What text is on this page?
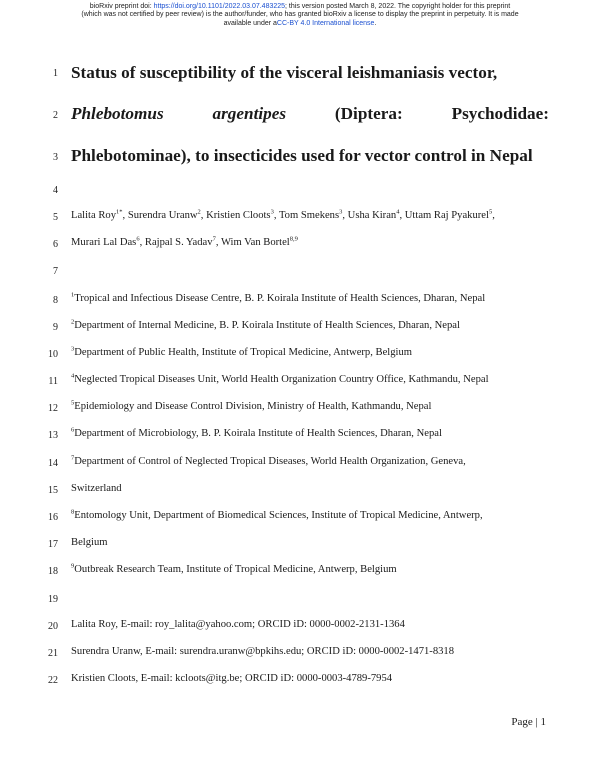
bioRxiv preprint doi: https://doi.org/10.1101/2022.03.07.483225; this version posted March 8, 2022. The copyright holder for this preprint
(which was not certified by peer review) is the author/funder, who has granted bioRxiv a license to display the preprint in perpetuity. It is made
available under aCC-BY 4.0 International license.
1
2
3
4
5
6
7
8
9
10
11
12
13
14
15
16
17
18
19
20
21
22
Status of susceptibility of the visceral leishmaniasis vector,
Phlebotomus	argentipes	(Diptera:	Psychodidae:
Phlebotominae), to insecticides used for vector control in Nepal
Lalita Roy$^{1*}$, Surendra Uranw$^2$, Kristien Cloots$^3$, Tom Smekens$^3$, Usha Kiran$^4$, Uttam Raj Pyakurel$^5$,
Murari Lal Das$^6$, Rajpal S. Yadav$^7$, Wim Van Bortel$^{8,9}$
$^1$Tropical and Infectious Disease Centre, B. P. Koirala Institute of Health Sciences, Dharan, Nepal
$^2$Department of Internal Medicine, B. P. Koirala Institute of Health Sciences, Dharan, Nepal
$^3$Department of Public Health, Institute of Tropical Medicine, Antwerp, Belgium
$^4$Neglected Tropical Diseases Unit, World Health Organization Country Office, Kathmandu, Nepal
$^5$Epidemiology and Disease Control Division, Ministry of Health, Kathmandu, Nepal
$^6$Department of Microbiology, B. P. Koirala Institute of Health Sciences, Dharan, Nepal
$^7$Department of Control of Neglected Tropical Diseases, World Health Organization, Geneva,
Switzerland
$^8$Entomology Unit, Department of Biomedical Sciences, Institute of Tropical Medicine, Antwerp,
Belgium
$^9$Outbreak Research Team, Institute of Tropical Medicine, Antwerp, Belgium
Lalita Roy, E-mail: roy_lalita@yahoo.com; ORCID iD: 0000-0002-2131-1364
Surendra Uranw, E-mail: surendra.uranw@bpkihs.edu; ORCID iD: 0000-0002-1471-8318
Kristien Cloots, E-mail: kcloots@itg.be; ORCID iD: 0000-0003-4789-7954
Page | 1
